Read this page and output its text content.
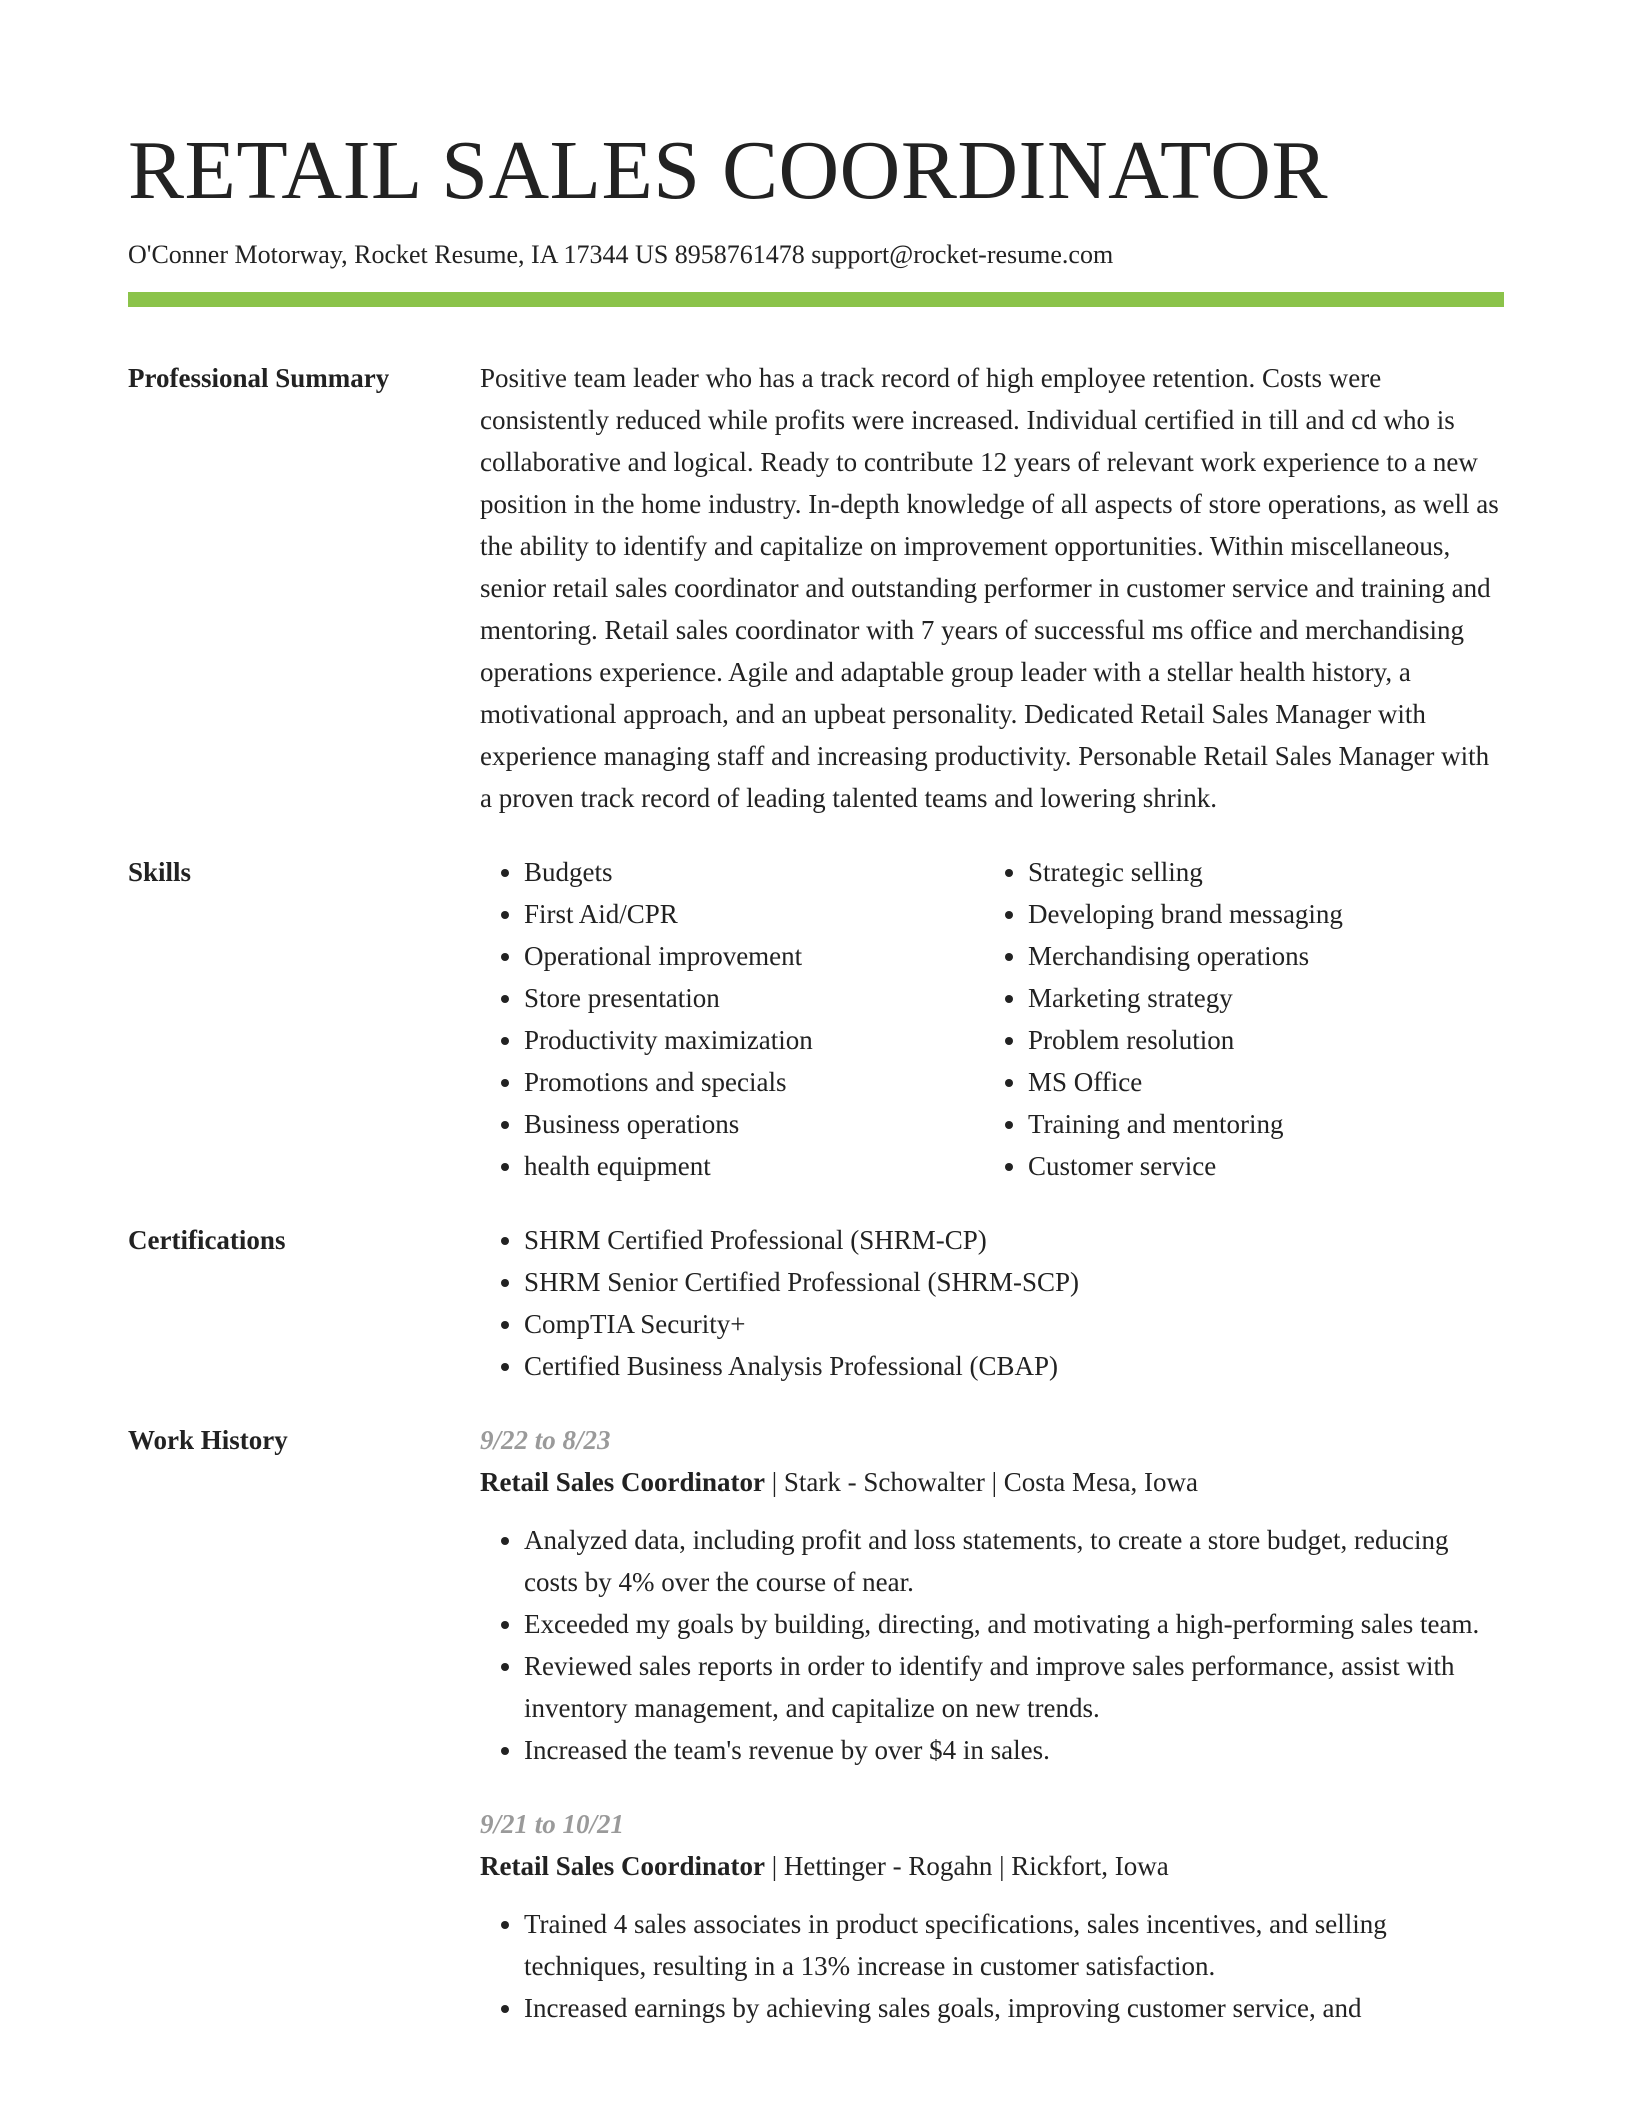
RETAIL SALES COORDINATOR
O'Conner Motorway, Rocket Resume, IA 17344 US 8958761478 support@rocket-resume.com
Professional Summary	Positive team leader who has a track record of high employee retention. Costs were consistently reduced while profits were increased. Individual certified in till and cd who is collaborative and logical. Ready to contribute 12 years of relevant work experience to a new position in the home industry. In-depth knowledge of all aspects of store operations, as well as the ability to identify and capitalize on improvement opportunities. Within miscellaneous, senior retail sales coordinator and outstanding performer in customer service and training and mentoring. Retail sales coordinator with 7 years of successful ms office and merchandising operations experience. Agile and adaptable group leader with a stellar health history, a motivational approach, and an upbeat personality. Dedicated Retail Sales Manager with experience managing staff and increasing productivity. Personable Retail Sales Manager with a proven track record of leading talented teams and lowering shrink.

Skills	• Budgets
• First Aid/CPR
• Operational improvement
• Store presentation
• Productivity maximization
• Promotions and specials
• Business operations
• health equipment
• Strategic selling
• Developing brand messaging
• Merchandising operations
• Marketing strategy
• Problem resolution
• MS Office
• Training and mentoring
• Customer service
Certifications	• SHRM Certified Professional (SHRM-CP)
• SHRM Senior Certified Professional (SHRM-SCP)
• CompTIA Security+
• Certified Business Analysis Professional (CBAP)
Work History	9/22 to 8/23
Retail Sales Coordinator | Stark - Schowalter | Costa Mesa, Iowa
• Analyzed data, including profit and loss statements, to create a store budget, reducing costs by 4% over the course of near.
• Exceeded my goals by building, directing, and motivating a high-performing sales team.
• Reviewed sales reports in order to identify and improve sales performance, assist with inventory management, and capitalize on new trends.
• Increased the team's revenue by over $4 in sales.
9/21 to 10/21
Retail Sales Coordinator | Hettinger - Rogahn | Rickfort, Iowa
• Trained 4 sales associates in product specifications, sales incentives, and selling techniques, resulting in a 13% increase in customer satisfaction.
• Increased earnings by achieving sales goals, improving customer service, and
